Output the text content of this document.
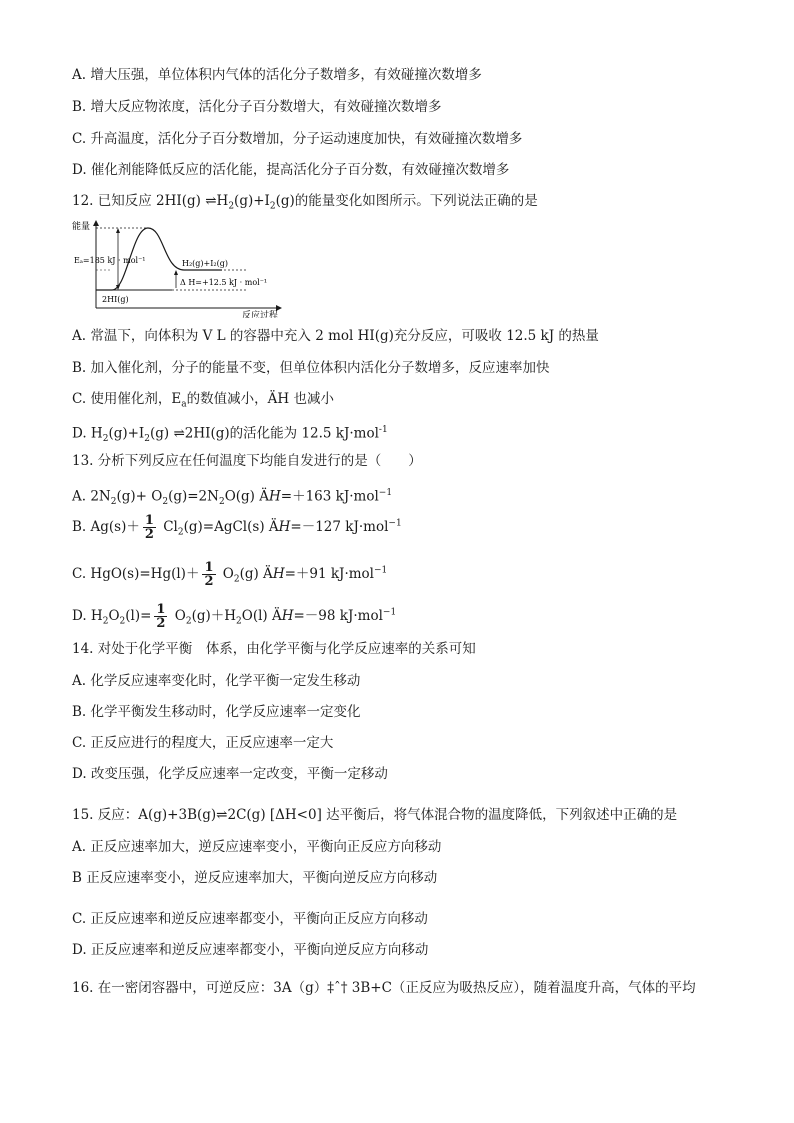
A. 增大压强，单位体积内气体的活化分子数增多，有效碰撞次数增多
B. 增大反应物浓度，活化分子百分数增大，有效碰撞次数增多
C. 升高温度，活化分子百分数增加，分子运动速度加快，有效碰撞次数增多
D. 催化剂能降低反应的活化能，提高活化分子百分数，有效碰撞次数增多
12. 已知反应 2HI(g) $\rightleftharpoons H_2(g)+I_2(g)$的能量变化如图所示。下列说法正确的是
能量
Eₐ=185 kJ · mol⁻¹	H₂(g)+I₂(g)
Δ H=+12.5 kJ · mol⁻¹
2HI(g)
反应过程
A. 常温下，向体积为 V L 的容器中充入 2 mol HI(g)充分反应，可吸收 12.5 kJ 的热量
B. 加入催化剂，分子的能量不变，但单位体积内活化分子数增多，反应速率加快
C. 使用催化剂，$E_a$的数值减小，ÄH 也减小
D. $H_2(g)+I_2(g)$ ⇌2HI(g)的活化能为 12.5 kJ·mol$^{-1}$
13. 分析下列反应在任何温度下均能自发进行的是（　　）
A. $2N_2(g)+ O_2(g)=2N_2O(g)$ ÄH=＋163 kJ·mol$^{-1}$
B. $Ag(s)+ \frac{1}{2}$ $Cl_2(g)=AgCl(s)$ ÄH=－127 kJ·mol$^{-1}$
C. $HgO(s)=Hg(l)+ \frac{1}{2} O_2(g)$ ÄH=＋91 kJ·mol$^{-1}$
D. $H_2O_2(l)= \frac{1}{2} O_2(g)+H_2O(l)$ ÄH=－98 kJ·mol$^{-1}$
14. 对处于化学平衡　体系，由化学平衡与化学反应速率的关系可知
A. 化学反应速率变化时，化学平衡一定发生移动
B. 化学平衡发生移动时，化学反应速率一定变化
C. 正反应进行的程度大，正反应速率一定大
D. 改变压强，化学反应速率一定改变，平衡一定移动
15. 反应：A(g)+3B(g)⇌2C(g) [ΔH<0] 达平衡后，将气体混合物的温度降低，下列叙述中正确的是
A. 正反应速率加大，逆反应速率变小，平衡向正反应方向移动
B 正反应速率变小，逆反应速率加大，平衡向逆反应方向移动
C. 正反应速率和逆反应速率都变小，平衡向正反应方向移动
D. 正反应速率和逆反应速率都变小，平衡向逆反应方向移动
16. 在一密闭容器中，可逆反应：3A（g）‡ˆ† 3B+C（正反应为吸热反应），随着温度升高，气体的平均
